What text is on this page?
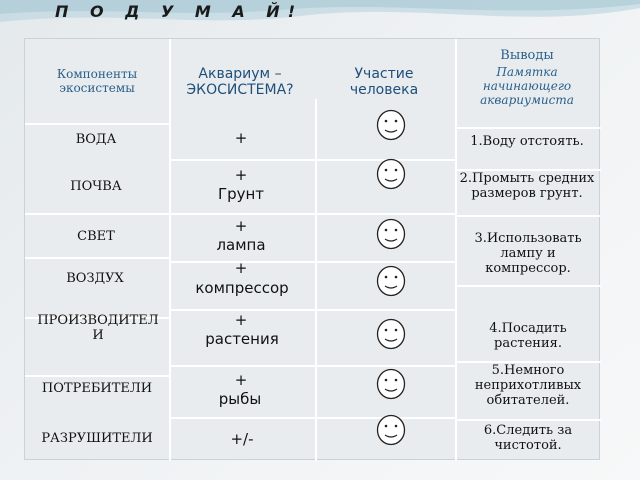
П О Д У М А Й!
Компоненты экосистемы
Аквариум – ЭКОСИСТЕМА?
Участие человека
Выводы
Памятка начинающего аквариумиста
ВОДА
ПОЧВА
СВЕТ
ВОЗДУХ
ПРОИЗВОДИТЕЛИ
ПОТРЕБИТЕЛИ
РАЗРУШИТЕЛИ
+
+
Грунт
+
лампа
+
компрессор
+
растения
+
рыбы
+/-
1.Воду отстоять.
2.Промыть средних размеров грунт.
3.Использовать лампу и компрессор.
4.Посадить растения.
5.Немного неприхотливых обитателей.
6.Следить за чистотой.
